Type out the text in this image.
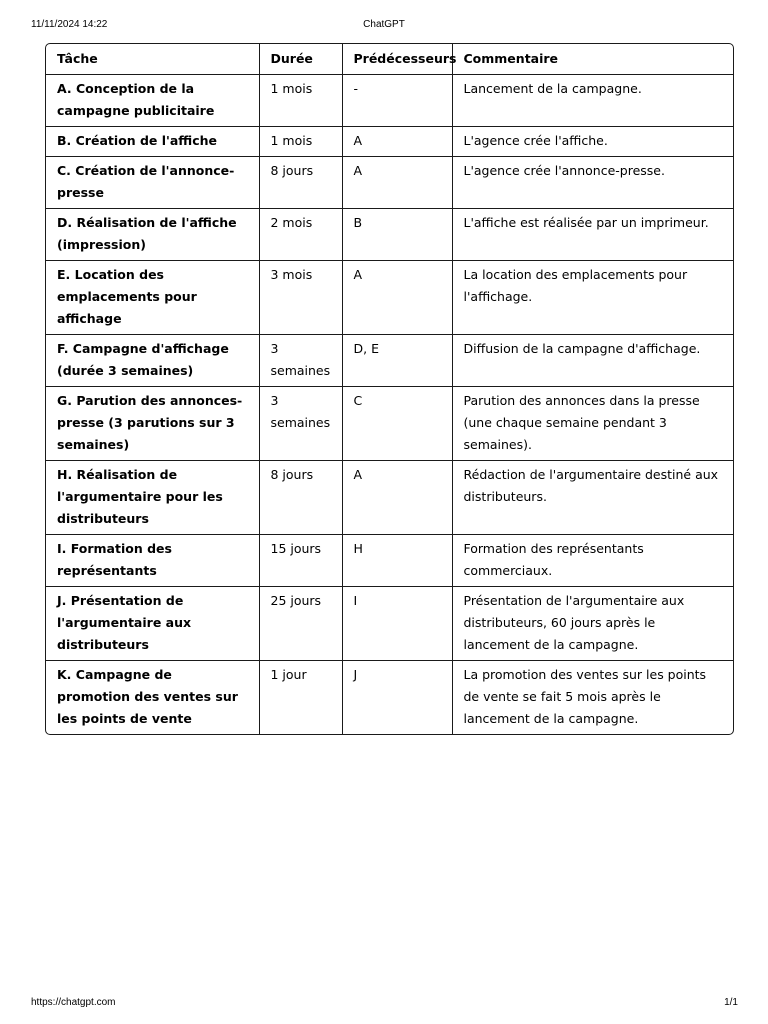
11/11/2024 14:22	ChatGPT
Tâche	Durée	Prédécesseurs	Commentaire
A. Conception de la campagne publicitaire	1 mois	-	Lancement de la campagne.
B. Création de l'affiche	1 mois	A	L'agence crée l'affiche.
C. Création de l'annonce-presse	8 jours	A	L'agence crée l'annonce-presse.
D. Réalisation de l'affiche (impression)	2 mois	B	L'affiche est réalisée par un imprimeur.
E. Location des emplacements pour affichage	3 mois	A	La location des emplacements pour l'affichage.
F. Campagne d'affichage (durée 3 semaines)	3 semaines	D, E	Diffusion de la campagne d'affichage.
G. Parution des annonces-presse (3 parutions sur 3 semaines)	3 semaines	C	Parution des annonces dans la presse (une chaque semaine pendant 3 semaines).
H. Réalisation de l'argumentaire pour les distributeurs	8 jours	A	Rédaction de l'argumentaire destiné aux distributeurs.
I. Formation des représentants	15 jours	H	Formation des représentants commerciaux.
J. Présentation de l'argumentaire aux distributeurs	25 jours	I	Présentation de l'argumentaire aux distributeurs, 60 jours après le lancement de la campagne.
K. Campagne de promotion des ventes sur les points de vente	1 jour	J	La promotion des ventes sur les points de vente se fait 5 mois après le lancement de la campagne.
https://chatgpt.com	1/1
